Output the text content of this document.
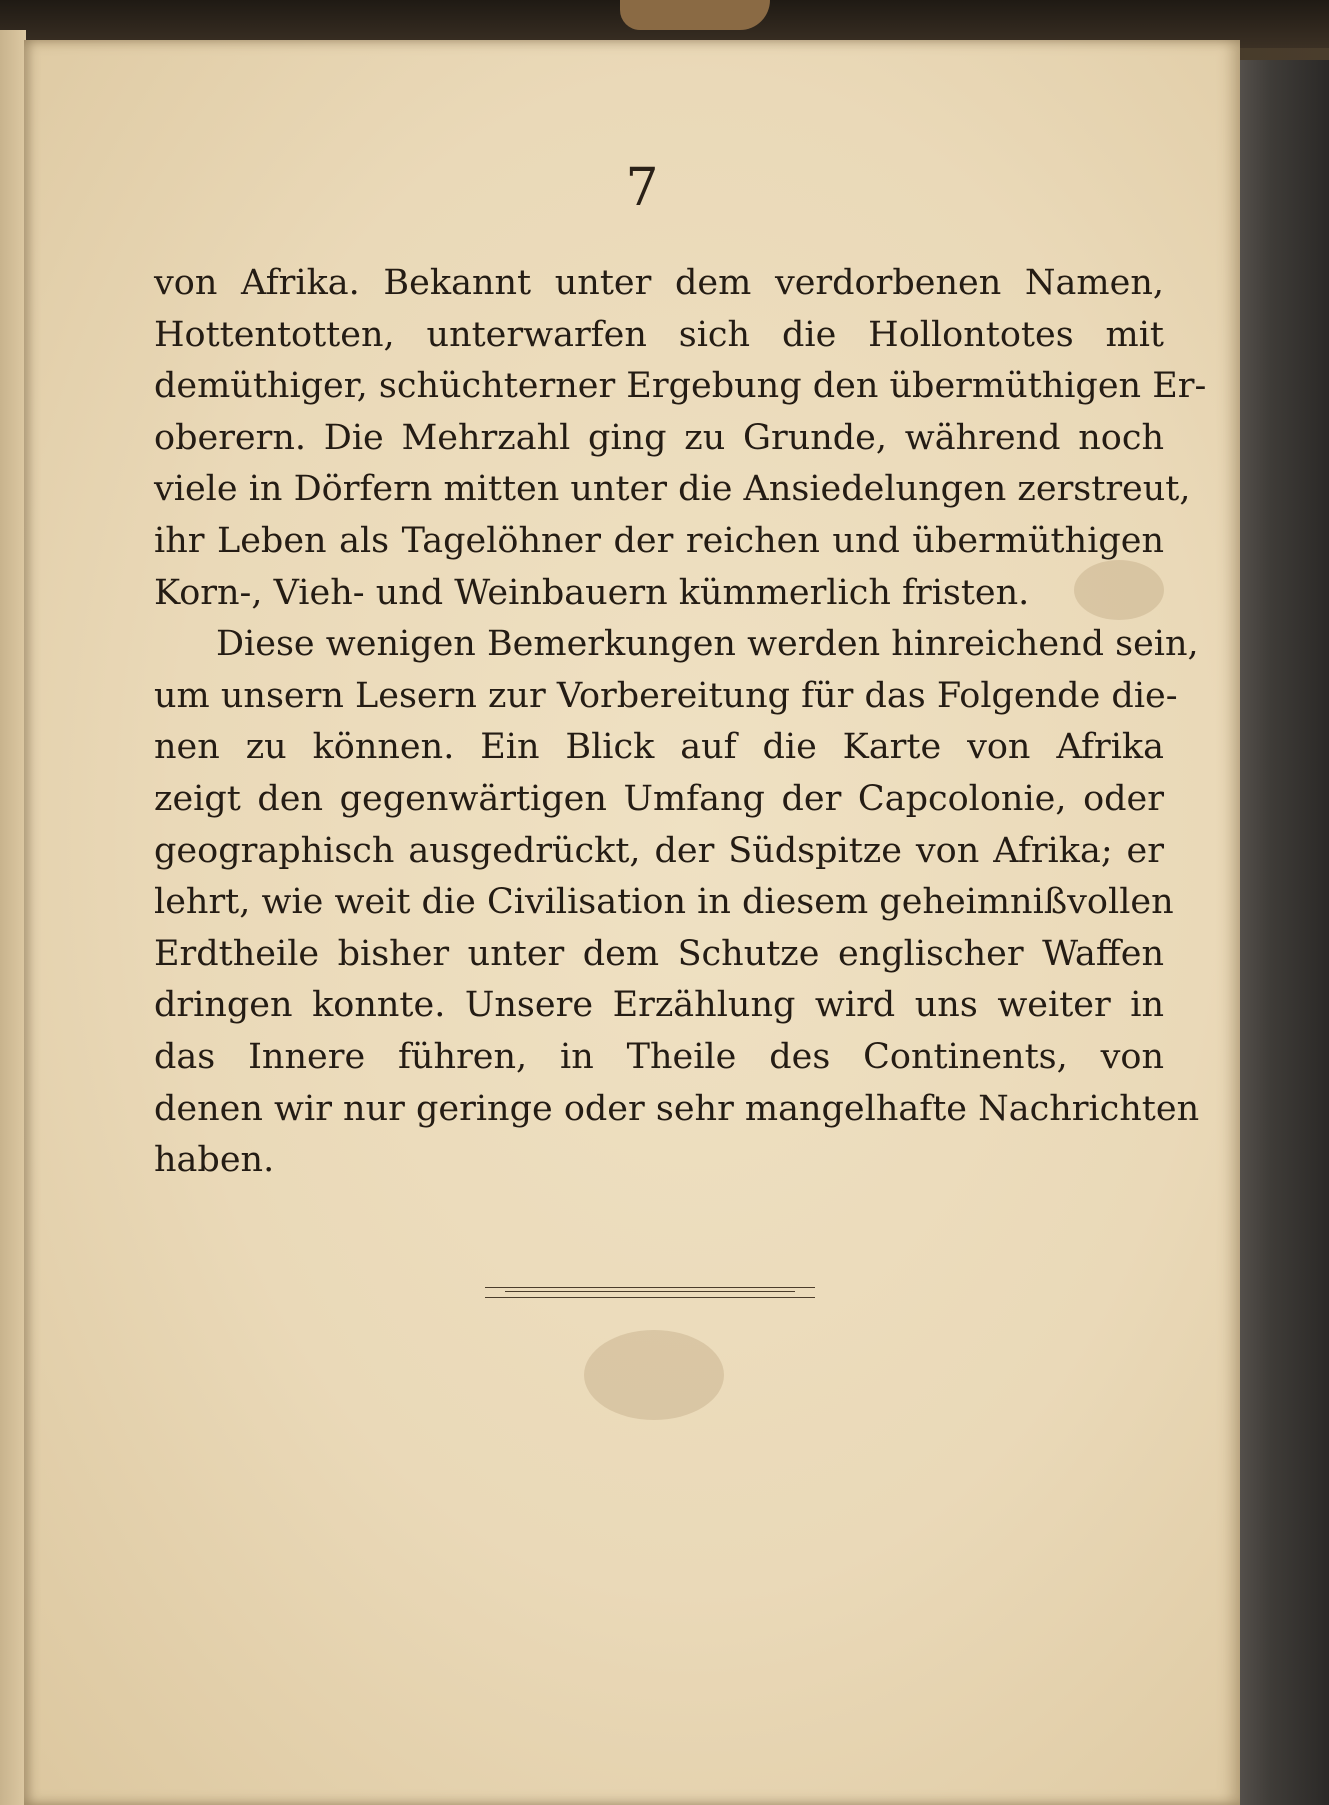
7
von Afrika. Bekannt unter dem verdorbenen Namen,
Hottentotten, unterwarfen sich die Hollontotes mit
demüthiger, schüchterner Ergebung den übermüthigen Er-
oberern. Die Mehrzahl ging zu Grunde, während noch
viele in Dörfern mitten unter die Ansiedelungen zerstreut,
ihr Leben als Tagelöhner der reichen und übermüthigen
Korn-, Vieh- und Weinbauern kümmerlich fristen.
Diese wenigen Bemerkungen werden hinreichend sein,
um unsern Lesern zur Vorbereitung für das Folgende die-
nen zu können. Ein Blick auf die Karte von Afrika
zeigt den gegenwärtigen Umfang der Capcolonie, oder
geographisch ausgedrückt, der Südspitze von Afrika; er
lehrt, wie weit die Civilisation in diesem geheimnißvollen
Erdtheile bisher unter dem Schutze englischer Waffen
dringen konnte. Unsere Erzählung wird uns weiter in
das Innere führen, in Theile des Continents, von
denen wir nur geringe oder sehr mangelhafte Nachrichten
haben.
